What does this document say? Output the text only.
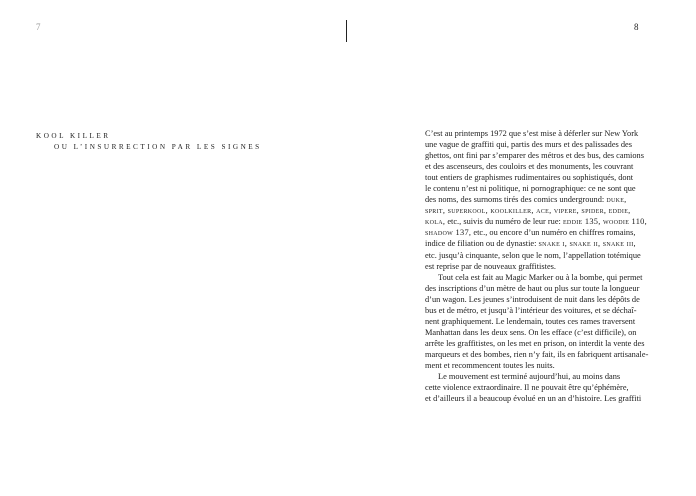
7	8
KOOL KILLER
OU L’INSURRECTION PAR LES SIGNES
C’est au printemps 1972 que s’est mise à déferler sur New York
une vague de graffiti qui, partis des murs et des palissades des
ghettos, ont fini par s’emparer des métros et des bus, des camions
et des ascenseurs, des couloirs et des monuments, les couvrant
tout entiers de graphismes rudimentaires ou sophistiqués, dont
le contenu n’est ni politique, ni pornographique: ce ne sont que
des noms, des surnoms tirés des comics underground: duke,
sprit, superkool, koolkiller, ace, vipere, spider, eddie,
kola, etc., suivis du numéro de leur rue: eddie 135, woodie 110,
shadow 137, etc., ou encore d’un numéro en chiffres romains,
indice de filiation ou de dynastie: snake i, snake ii, snake iii,
etc. jusqu’à cinquante, selon que le nom, l’appellation totémique
est reprise par de nouveaux graffitistes.
Tout cela est fait au Magic Marker ou à la bombe, qui permet
des inscriptions d’un mètre de haut ou plus sur toute la longueur
d’un wagon. Les jeunes s’introduisent de nuit dans les dépôts de
bus et de métro, et jusqu’à l’intérieur des voitures, et se déchaî-
nent graphiquement. Le lendemain, toutes ces rames traversent
Manhattan dans les deux sens. On les efface (c’est difficile), on
arrête les graffitistes, on les met en prison, on interdit la vente des
marqueurs et des bombes, rien n’y fait, ils en fabriquent artisanale-
ment et recommencent toutes les nuits.
Le mouvement est terminé aujourd’hui, au moins dans
cette violence extraordinaire. Il ne pouvait être qu’éphémère,
et d’ailleurs il a beaucoup évolué en un an d’histoire. Les graffiti
